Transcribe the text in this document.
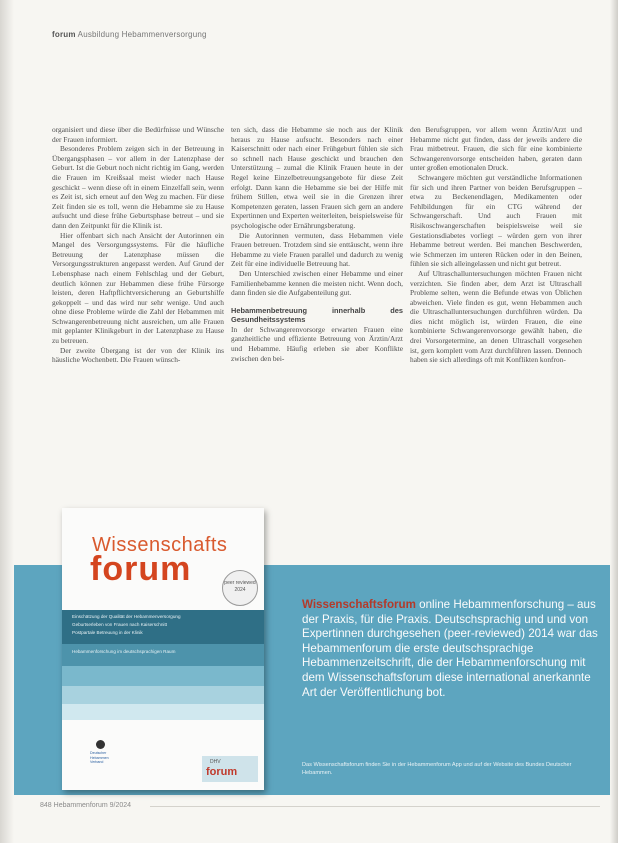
forum Ausbildung Hebammenversorgung

organisiert und diese über die Bedürfnisse und Wünsche der Frauen informiert.

Besonderes Problem zeigen sich in der Betreuung in Übergangsphasen – vor allem in der Latenzphase der Geburt. Ist die Geburt noch nicht richtig im Gang, werden die Frauen im Kreißsaal meist wieder nach Hause geschickt – wenn diese oft in einem Einzelfall sein, wenn es Zeit ist, sich erneut auf den Weg zu machen. Für diese Zeit finden sie es toll, wenn die Hebamme sie zu Hause aufsucht und diese frühe Geburtsphase betreut – und sie dann den Zeitpunkt für die Klinik ist.

Hier offenbart sich nach Ansicht der Autorinnen ein Mangel des Versorgungssystems. Für die häufliche Betreuung der Latenzphase müssen die Versorgungsstrukturen angepasst werden. Auf Grund der Lebensphase nach einem Fehlschlag und der Geburt, deutlich können zur Hebammen diese frühe Fürsorge leisten, deren Haftpflichtversicherung an Geburtshilfe gekoppelt – und das wird nur sehr wenige. Und auch ohne diese Probleme würde die Zahl der Hebammen mit Schwangerenbetreuung nicht ausreichen, um alle Frauen mit geplanter Klinikgeburt in der Latenzphase zu Hause zu betreuen.

Der zweite Übergang ist der von der Klinik ins häusliche Wochenbett. Die Frauen wünsch-

ten sich, dass die Hebamme sie noch aus der Klinik heraus zu Hause aufsucht. Besonders nach einer Kaiserschnitt oder nach einer Frühgeburt fühlen sie sich so schnell nach Hause geschickt und brauchen den Unterstützung – zumal die Klinik Frauen heute in der Regel keine Einzelbetreuungsangebote für diese Zeit erfolgt. Dann kann die Hebamme sie bei der Hilfe mit frühem Stillen, etwa weil sie in die Grenzen ihrer Kompetenzen geraten, lassen Frauen sich gern an andere Expertinnen und Experten weiterleiten, beispielsweise für psychologische oder Ernährungsberatung.

Die Autorinnen vermuten, dass Hebammen viele Frauen betreuen. Trotzdem sind sie enttäuscht, wenn ihre Hebamme zu viele Frauen parallel und dadurch zu wenig Zeit für eine individuelle Betreuung hat.

Den Unterschied zwischen einer Hebamme und einer Familienhebamme kennen die meisten nicht. Wenn doch, dann finden sie die Aufgabenteilung gut.

Hebammenbetreuung innerhalb des Gesundheitssystems

In der Schwangerenvorsorge erwarten Frauen eine ganzheitliche und effiziente Betreuung von Ärztin/Arzt und Hebamme. Häufig erleben sie aber Konflikte zwischen den bei-

den Berufsgruppen, vor allem wenn Ärztin/Arzt und Hebamme nicht gut finden, dass der jeweils andere die Frau mitbetreut. Frauen, die sich für eine kombinierte Schwangerenvorsorge entscheiden haben, geraten dann unter großen emotionalen Druck.

Schwangere möchten gut verständliche Informationen für sich und ihren Partner von beiden Berufsgruppen – etwa zu Beckenendlagen, Medikamenten oder Fehlbildungen für ein CTG während der Schwangerschaft. Und auch Frauen mit Risikoschwangerschaften beispielsweise weil sie Gestationsdiabetes vorliegt – würden gern von ihrer Hebamme betreut werden. Bei manchen Beschwerden, wie Schmerzen im unteren Rücken oder in den Beinen, fühlen sie sich alleingelassen und nicht gut betreut.

Auf Ultraschalluntersuchungen möchten Frauen nicht verzichten. Sie finden aber, dem Arzt ist Ultraschall Probleme selten, wenn die Befunde etwas von Üblichen abweichen. Viele finden es gut, wenn Hebammen auch die Ultraschalluntersuchungen durchführen würden. Da dies nicht möglich ist, würden Frauen, die eine kombinierte Schwangerenvorsorge gewählt haben, die drei Vorsorgetermine, an denen Ultraschall vorgesehen ist, gern komplett vom Arzt durchführen lassen. Dennoch haben sie sich allerdings oft mit Konflikten konfron-

Wissenschaftsforum online Hebammenforschung – aus der Praxis, für die Praxis. Deutschsprachig und und von Expertinnen durchgesehen (peer-reviewed) 2014 war das Hebammenforum die erste deutschsprachige Hebammenzeitschrift, die der Hebammenforschung mit dem Wissenschaftsforum diese international anerkannte Art der Veröffentlichung bot.
Das Wissenschaftsforum finden Sie in der Hebammenforum App und auf der Website des Bundes Deutscher Hebammen.
Wissenschafts
forum	peer reviewed 2024
Einschätzung der Qualität der Hebammenversorgung
Geburtserleben von Frauen nach Kaiserschnitt
Postpartale Betreuung in der Klinik
Hebammenforschung im deutschsprachigen Raum
Deutscher Hebammen Verband	DHV
forum
848 Hebammenforum 9/2024
